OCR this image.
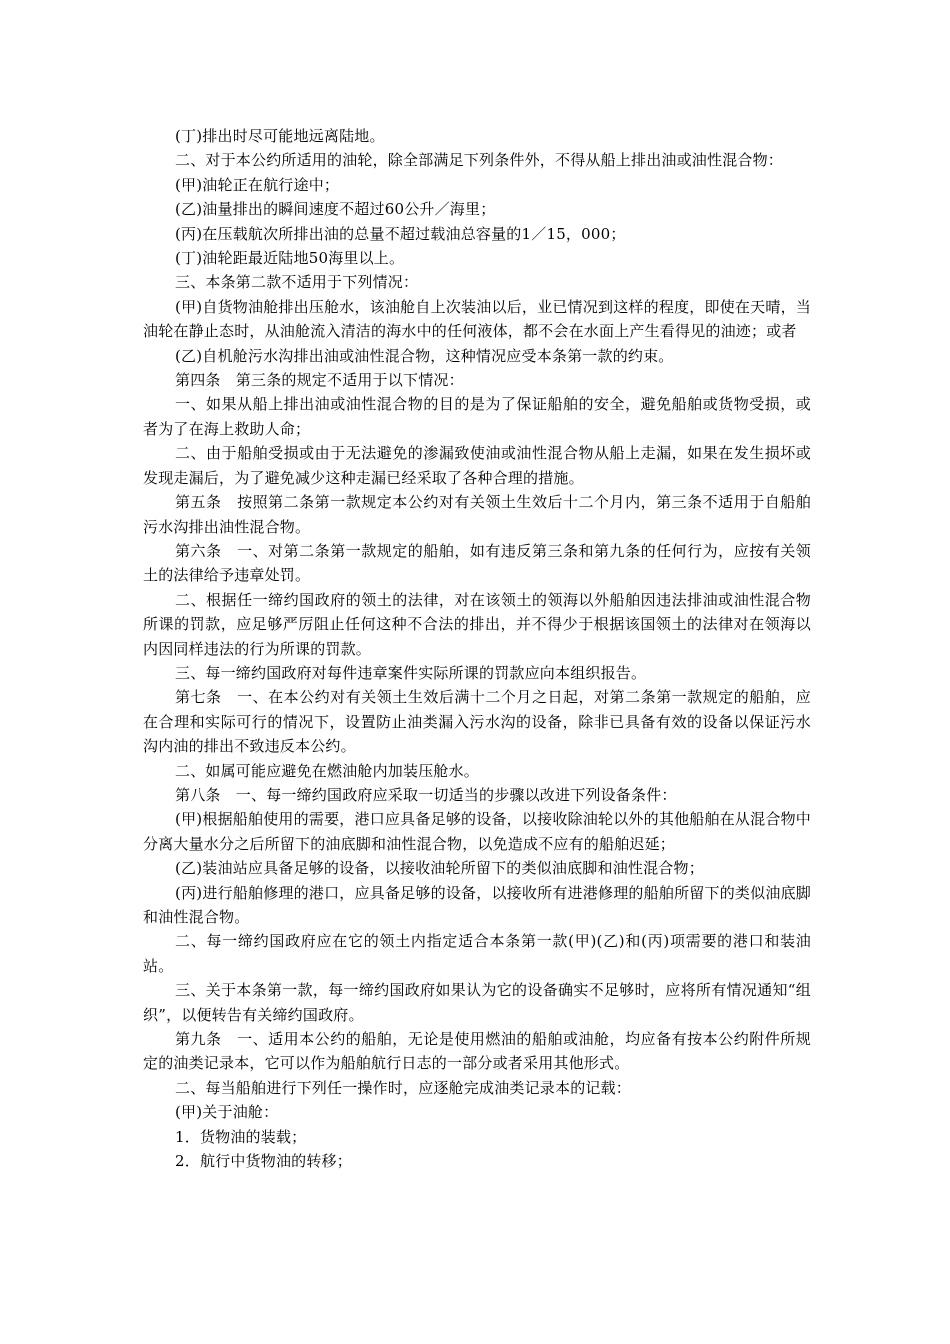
(丁)排出时尽可能地远离陆地。

二、对于本公约所适用的油轮，除全部满足下列条件外，不得从船上排出油或油性混合物：

(甲)油轮正在航行途中；

(乙)油量排出的瞬间速度不超过60公升／海里；

(丙)在压载航次所排出油的总量不超过载油总容量的1／15，000；

(丁)油轮距最近陆地50海里以上。

三、本条第二款不适用于下列情况：

(甲)自货物油舱排出压舱水，该油舱自上次装油以后，业已情况到这样的程度，即使在天晴，当油轮在静止态时，从油舱流入清洁的海水中的任何液体，都不会在水面上产生看得见的油迹；或者

(乙)自机舱污水沟排出油或油性混合物，这种情况应受本条第一款的约束。

第四条　第三条的规定不适用于以下情况：

一、如果从船上排出油或油性混合物的目的是为了保证船舶的安全，避免船舶或货物受损，或者为了在海上救助人命；

二、由于船舶受损或由于无法避免的渗漏致使油或油性混合物从船上走漏，如果在发生损坏或发现走漏后，为了避免减少这种走漏已经采取了各种合理的措施。

第五条　按照第二条第一款规定本公约对有关领土生效后十二个月内，第三条不适用于自船舶污水沟排出油性混合物。

第六条　一、对第二条第一款规定的船舶，如有违反第三条和第九条的任何行为，应按有关领土的法律给予违章处罚。

二、根据任一缔约国政府的领土的法律，对在该领土的领海以外船舶因违法排油或油性混合物所课的罚款，应足够严厉阻止任何这种不合法的排出，并不得少于根据该国领土的法律对在领海以内因同样违法的行为所课的罚款。

三、每一缔约国政府对每件违章案件实际所课的罚款应向本组织报告。

第七条　一、在本公约对有关领土生效后满十二个月之日起，对第二条第一款规定的船舶，应在合理和实际可行的情况下，设置防止油类漏入污水沟的设备，除非已具备有效的设备以保证污水沟内油的排出不致违反本公约。

二、如属可能应避免在燃油舱内加装压舱水。

第八条　一、每一缔约国政府应采取一切适当的步骤以改进下列设备条件：

(甲)根据船舶使用的需要，港口应具备足够的设备，以接收除油轮以外的其他船舶在从混合物中分离大量水分之后所留下的油底脚和油性混合物，以免造成不应有的船舶迟延；

(乙)装油站应具备足够的设备，以接收油轮所留下的类似油底脚和油性混合物；

(丙)进行船舶修理的港口，应具备足够的设备，以接收所有进港修理的船舶所留下的类似油底脚和油性混合物。

二、每一缔约国政府应在它的领土内指定适合本条第一款(甲)(乙)和(丙)项需要的港口和装油站。

三、关于本条第一款，每一缔约国政府如果认为它的设备确实不足够时，应将所有情况通知“组织”，以便转告有关缔约国政府。

第九条　一、适用本公约的船舶，无论是使用燃油的船舶或油舱，均应备有按本公约附件所规定的油类记录本，它可以作为船舶航行日志的一部分或者采用其他形式。

二、每当船舶进行下列任一操作时，应逐舱完成油类记录本的记载：

(甲)关于油舱：

1．货物油的装载；

2．航行中货物油的转移；
